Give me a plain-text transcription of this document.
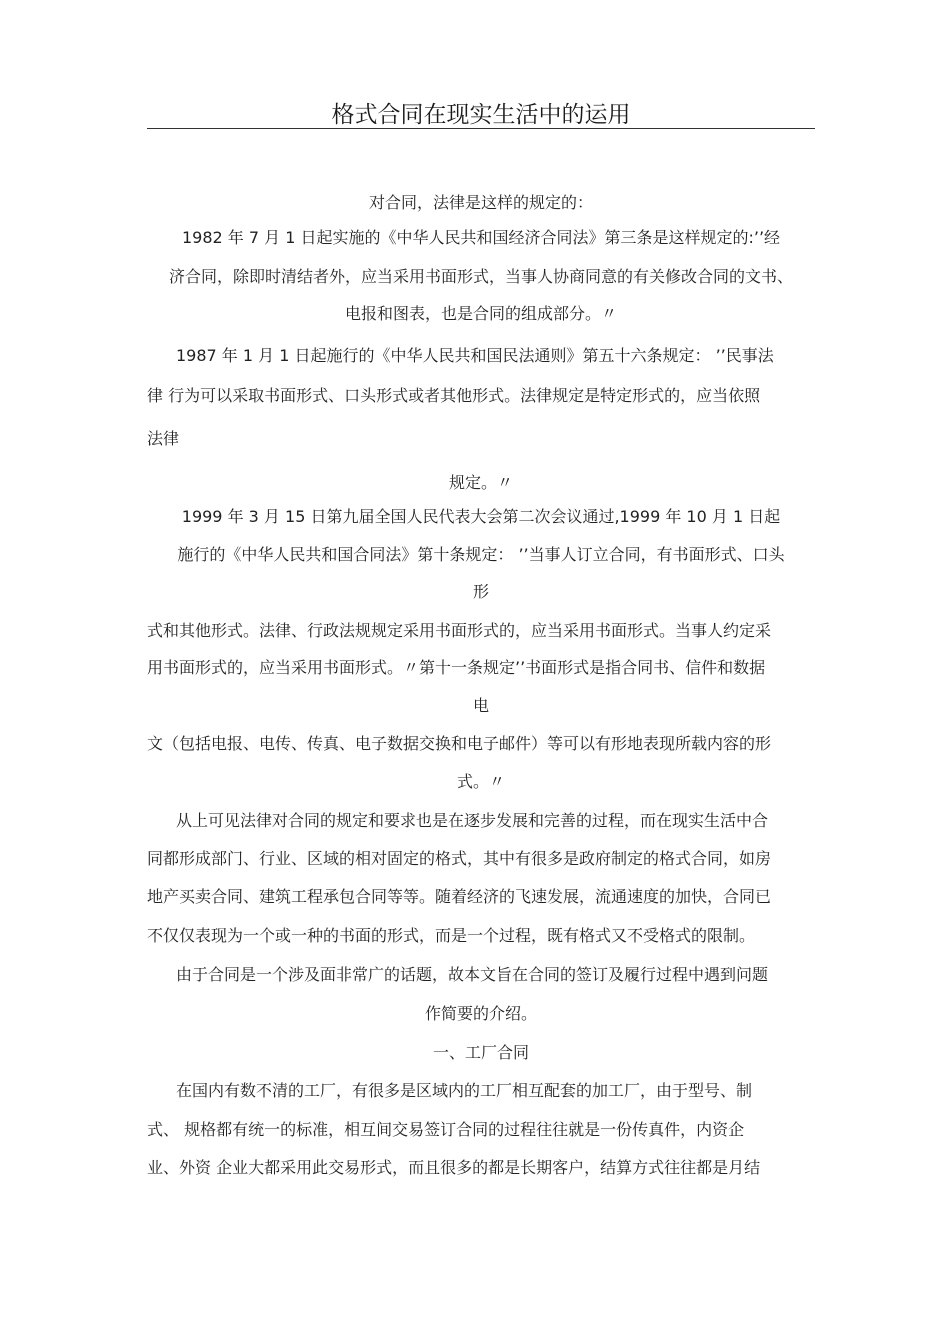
格式合同在现实生活中的运用
对合同，法律是这样的规定的：
1982 年 7 月 1 日起实施的《中华人民共和国经济合同法》第三条是这样规定的:’’经
济合同，除即时清结者外，应当采用书面形式，当事人协商同意的有关修改合同的文书、
电报和图表，也是合同的组成部分。〃
1987 年 1 月 1 日起施行的《中华人民共和国民法通则》第五十六条规定： ’’民事法
律 行为可以采取书面形式、口头形式或者其他形式。法律规定是特定形式的，应当依照
法律
规定。〃
1999 年 3 月 15 日第九届全国人民代表大会第二次会议通过,1999 年 10 月 1 日起
施行的《中华人民共和国合同法》第十条规定： ’’当事人订立合同，有书面形式、口头
形
式和其他形式。法律、行政法规规定采用书面形式的，应当采用书面形式。当事人约定采
用书面形式的，应当采用书面形式。〃第十一条规定’’书面形式是指合同书、信件和数据
电
文（包括电报、电传、传真、电子数据交换和电子邮件）等可以有形地表现所载内容的形
式。〃
从上可见法律对合同的规定和要求也是在逐步发展和完善的过程，而在现实生活中合
同都形成部门、行业、区域的相对固定的格式，其中有很多是政府制定的格式合同，如房
地产买卖合同、建筑工程承包合同等等。随着经济的飞速发展，流通速度的加快，合同已
不仅仅表现为一个或一种的书面的形式，而是一个过程，既有格式又不受格式的限制。
由于合同是一个涉及面非常广的话题，故本文旨在合同的签订及履行过程中遇到问题
作简要的介绍。
一、工厂合同
在国内有数不清的工厂，有很多是区域内的工厂相互配套的加工厂，由于型号、制
式、 规格都有统一的标准，相互间交易签订合同的过程往往就是一份传真件，内资企
业、外资 企业大都采用此交易形式，而且很多的都是长期客户，结算方式往往都是月结
